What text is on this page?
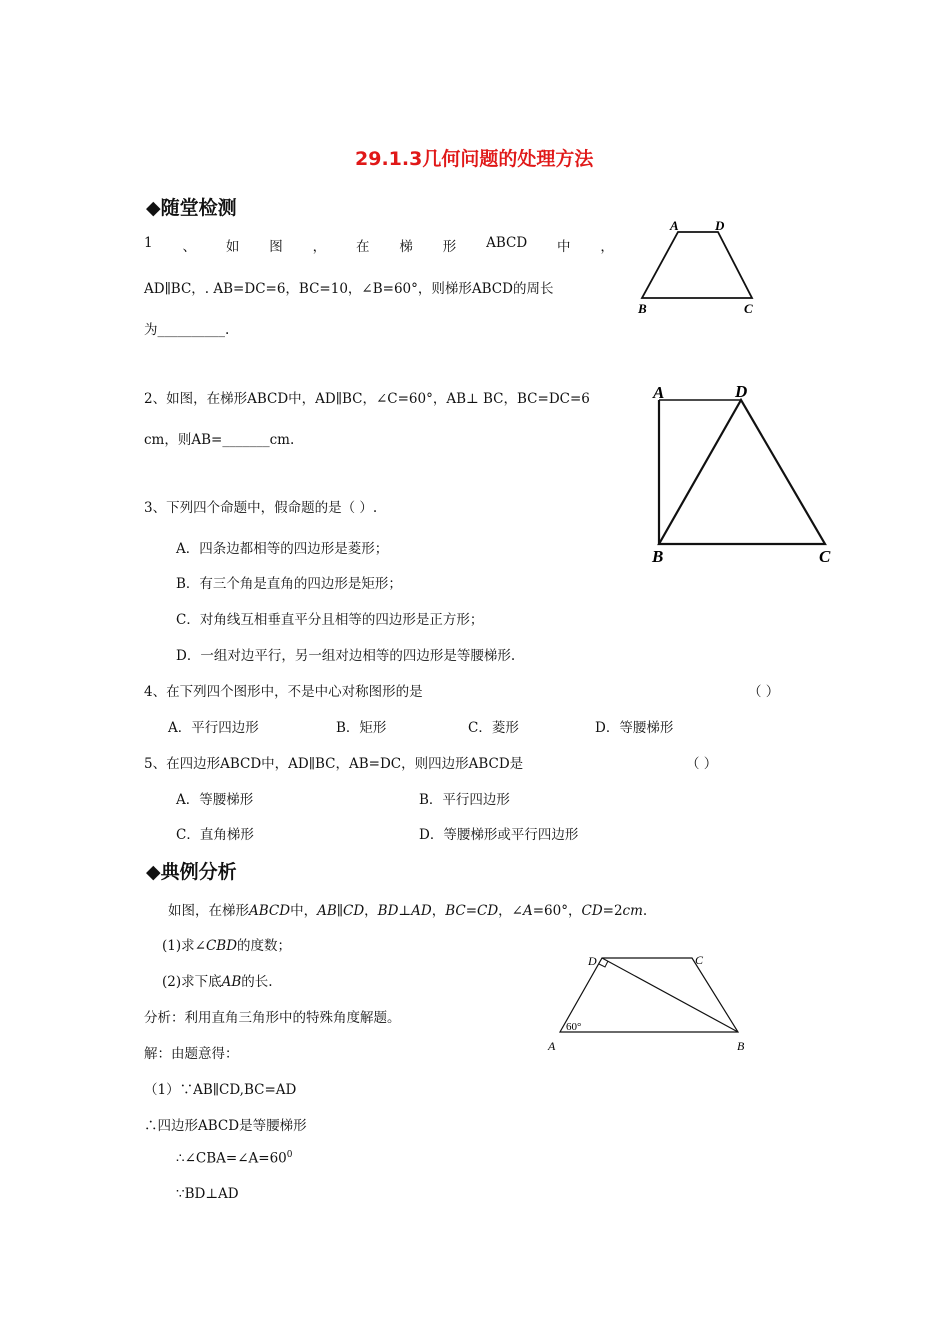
29.1.3几何问题的处理方法
◆随堂检测
1 、 如 图 ， 在 梯 形 ABCD 中 ，
AD∥BC，. AB=DC=6，BC=10，∠B=60°，则梯形ABCD的周长
为__________.
A	D
B	C
2、如图，在梯形ABCD中，AD∥BC，∠C=60°，AB⊥ BC，BC=DC=6
cm，则AB=_______cm.
A	D
B	C
3、下列四个命题中，假命题的是（ ）.
A．四条边都相等的四边形是菱形；
B．有三个角是直角的四边形是矩形；
C．对角线互相垂直平分且相等的四边形是正方形；
D．一组对边平行，另一组对边相等的四边形是等腰梯形.
4、在下列四个图形中，不是中心对称图形的是	（ ）
A．平行四边形	B．矩形	C．菱形	D．等腰梯形
5、在四边形ABCD中，AD∥BC，AB=DC，则四边形ABCD是	（ ）
A．等腰梯形	B．平行四边形
C．直角梯形	D．等腰梯形或平行四边形
◆典例分析
如图，在梯形ABCD中，AB∥CD，BD⊥AD，BC=CD，∠A=60°，CD=2cm.
(1)求∠CBD的度数；
(2)求下底AB的长.
分析：利用直角三角形中的特殊角度解题。
解：由题意得：
（1）∵AB∥CD,BC=AD
∴四边形ABCD是等腰梯形
$\therefore\angle CBA=\angle A=60^0$
∵BD⊥AD
D	C
A	B
60°
